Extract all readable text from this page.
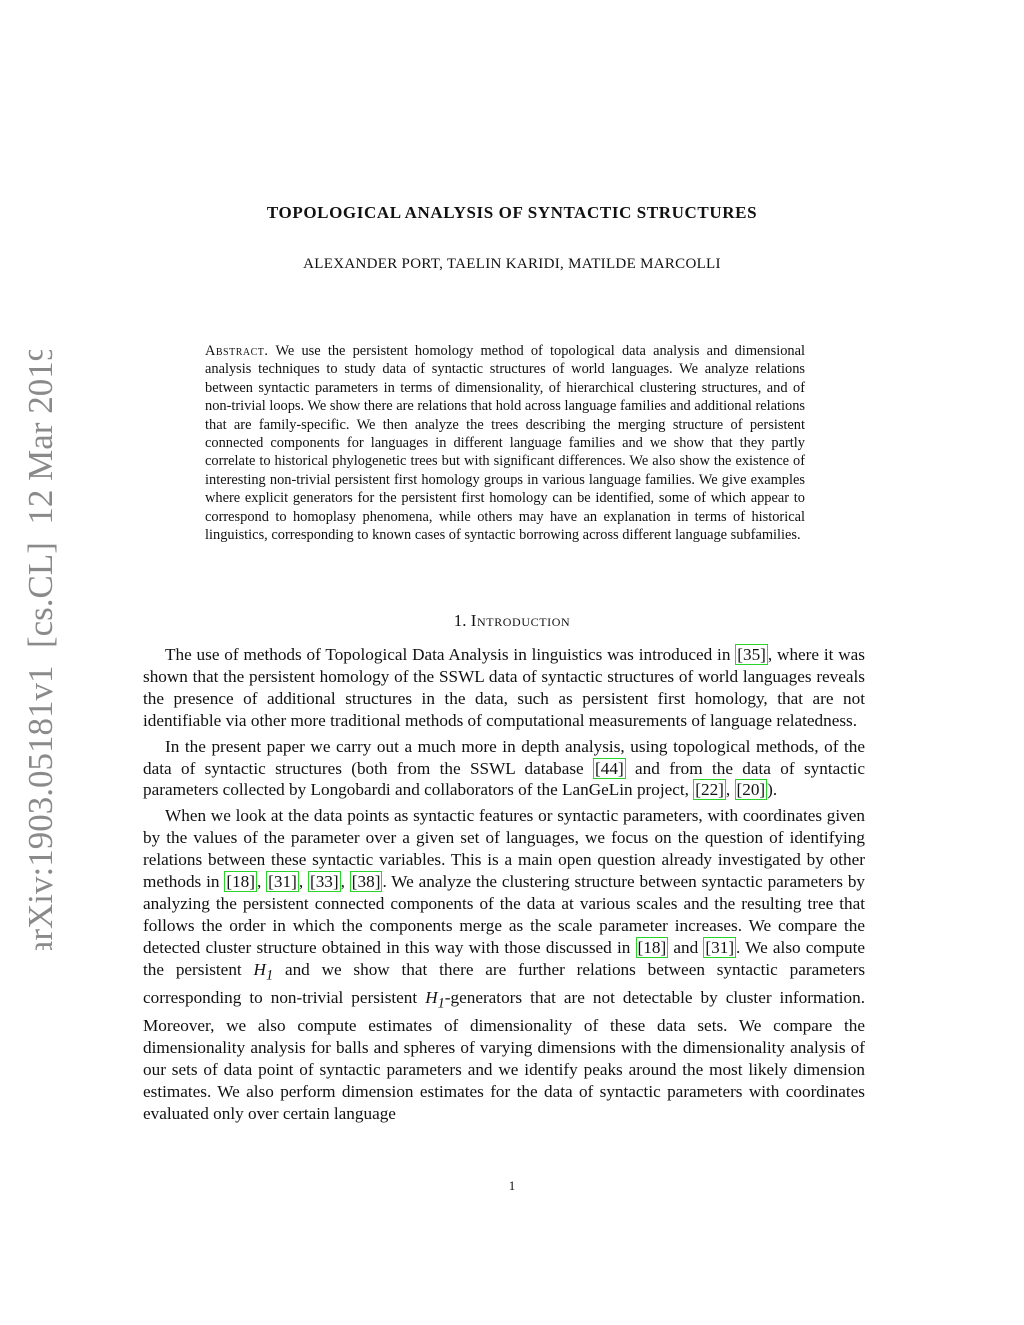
arXiv:1903.05181v1  [cs.CL]  12 Mar 2019
TOPOLOGICAL ANALYSIS OF SYNTACTIC STRUCTURES
ALEXANDER PORT, TAELIN KARIDI, MATILDE MARCOLLI
Abstract. We use the persistent homology method of topological data analysis and dimensional analysis techniques to study data of syntactic structures of world languages. We analyze relations between syntactic parameters in terms of dimensionality, of hierarchical clustering structures, and of non-trivial loops. We show there are relations that hold across language families and additional relations that are family-specific. We then analyze the trees describing the merging structure of persistent connected components for languages in different language families and we show that they partly correlate to historical phylogenetic trees but with significant differences. We also show the existence of interesting non-trivial persistent first homology groups in various language families. We give examples where explicit generators for the persistent first homology can be identified, some of which appear to correspond to homoplasy phenomena, while others may have an explanation in terms of historical linguistics, corresponding to known cases of syntactic borrowing across different language subfamilies.
1. Introduction

The use of methods of Topological Data Analysis in linguistics was introduced in [35] , where it was shown that the persistent homology of the SSWL data of syntactic structures of world languages reveals the presence of additional structures in the data, such as persistent first homology, that are not identifiable via other more traditional methods of computational measurements of language relatedness.

In the present paper we carry out a much more in depth analysis, using topological methods, of the data of syntactic structures (both from the SSWL database [44] and from the data of syntactic parameters collected by Longobardi and collaborators of the LanGeLin project, [22] , [20] ).

When we look at the data points as syntactic features or syntactic parameters, with coordinates given by the values of the parameter over a given set of languages, we focus on the question of identifying relations between these syntactic variables. This is a main open question already investigated by other methods in [18] , [31] , [33] , [38] . We analyze the clustering structure between syntactic parameters by analyzing the persistent connected components of the data at various scales and the resulting tree that follows the order in which the components merge as the scale parameter increases. We compare the detected cluster structure obtained in this way with those discussed in [18] and [31] . We also compute the persistent $H_1$ and we show that there are further relations between syntactic parameters corresponding to non-trivial persistent $H_1$-generators that are not detectable by cluster information. Moreover, we also compute estimates of dimensionality of these data sets. We compare the dimensionality analysis for balls and spheres of varying dimensions with the dimensionality analysis of our sets of data point of syntactic parameters and we identify peaks around the most likely dimension estimates. We also perform dimension estimates for the data of syntactic parameters with coordinates evaluated only over certain language

1
